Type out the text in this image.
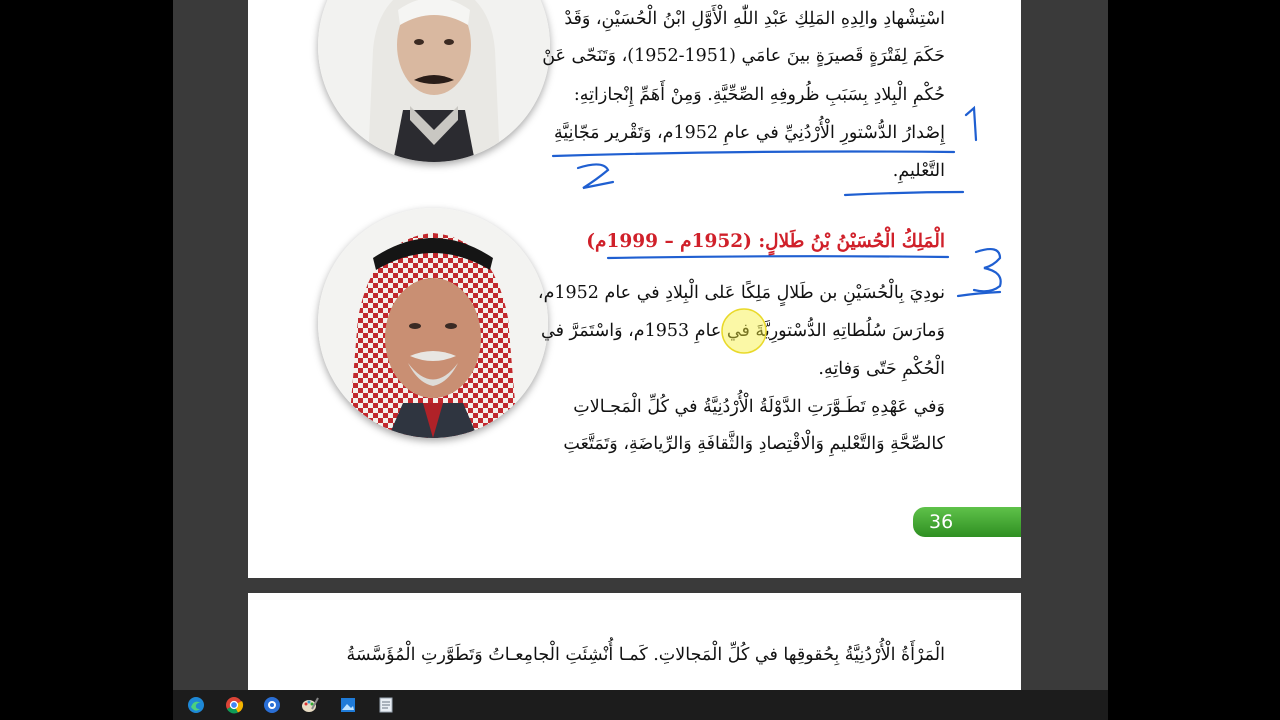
اسْتِشْهادِ والِدِهِ المَلِكِ عَبْدِ اللّٰهِ الْأَوَّلِ ابْنُ الْحُسَيْنِ، وَقَدْ
حَكَمَ لِفَتْرَةٍ قَصيرَةٍ بينَ عامَي (1951-1952)، وَتَنَحّى عَنْ
حُكْمِ الْبِلادِ بِسَبَبِ ظُروفِهِ الصِّحِّيَّةِ. وَمِنْ أَهَمِّ إِنْجازاتِهِ:
إِصْدارُ الدُّسْتورِ الْأُرْدُنِيِّ في عامِ 1952م، وَتَقْرير مَجّانِيَّةِ
التَّعْليمِ.
الْمَلِكُ الْحُسَيْنُ بْنُ طَلالٍ: (1952م – 1999م)
نودِيَ بِالْحُسَيْنِ بن طَلالٍ مَلِكًا عَلى الْبِلادِ في عام 1952م،
وَمارَسَ سُلُطاتِهِ الدُّسْتورِيَّةَ في عامِ 1953م، وَاسْتَمَرَّ في
الْحُكْمِ حَتّى وَفاتِهِ.
وَفي عَهْدِهِ تَطَـوَّرَتِ الدَّوْلَةُ الْأُرْدُنِيَّةُ في كُلِّ الْمَجـالاتِ
كالصِّحَّةِ وَالتَّعْليمِ وَالْاقْتِصادِ وَالثَّقافَةِ وَالرِّياضَةِ، وَتَمَتَّعَتِ
36
الْمَرْأَةُ الْأُرْدُنِيَّةُ بِحُقوقِها في كُلِّ الْمَجالاتِ. كَمـا أُنْشِئَتِ الْجامِعـاتُ وَتَطَوَّرتِ الْمُؤَسَّسَةُ
